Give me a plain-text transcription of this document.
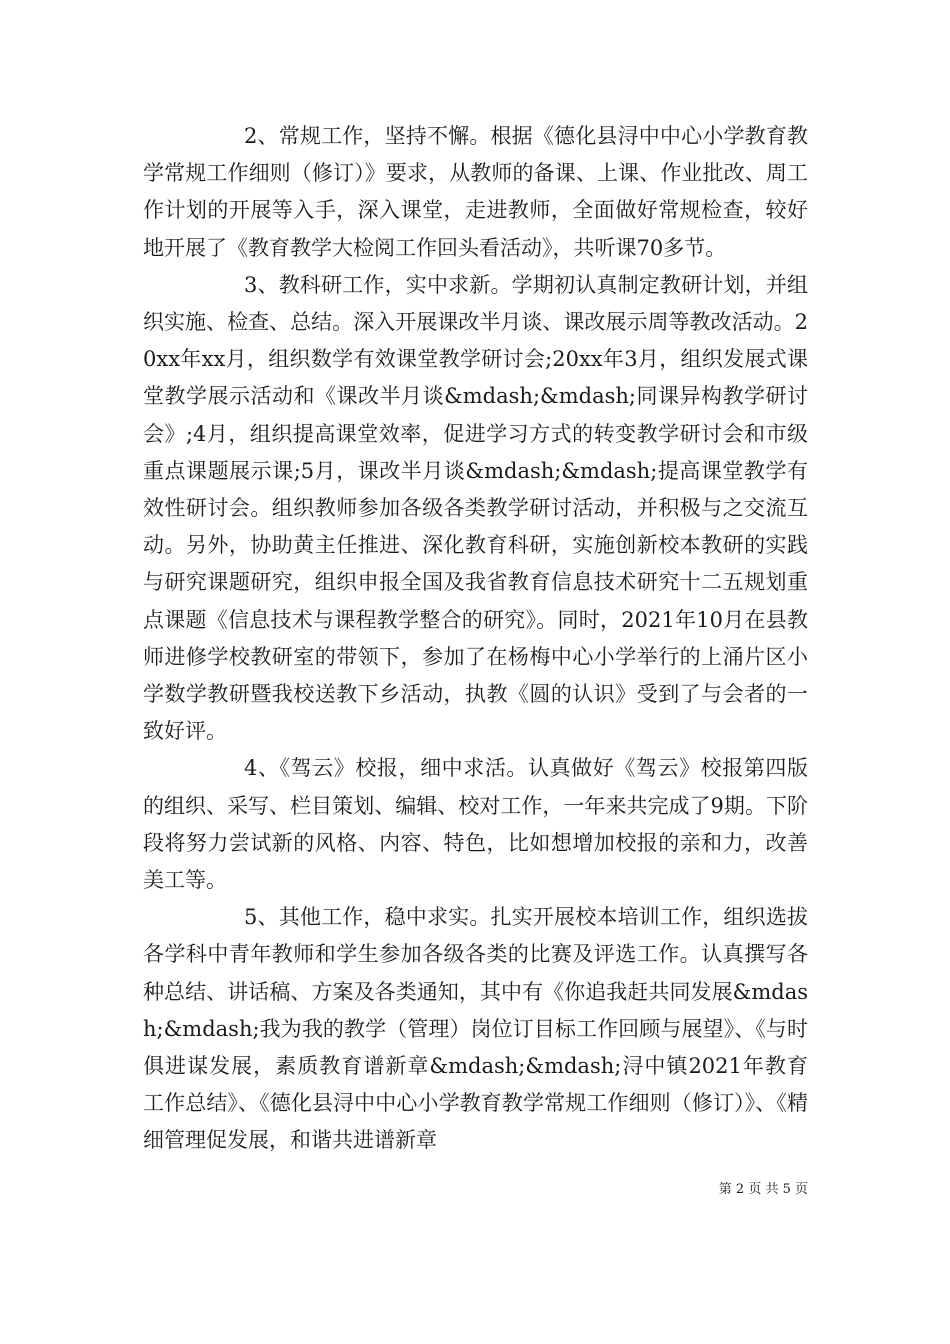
2、常规工作，坚持不懈。根据《德化县浔中中心小学教育教学常规工作细则（修订）》要求，从教师的备课、上课、作业批改、周工作计划的开展等入手，深入课堂，走进教师，全面做好常规检查，较好地开展了《教育教学大检阅工作回头看活动》，共听课70多节。

3、教科研工作，实中求新。学期初认真制定教研计划，并组织实施、检查、总结。深入开展课改半月谈、课改展示周等教改活动。20xx年xx月，组织数学有效课堂教学研讨会;20xx年3月，组织发展式课堂教学展示活动和《课改半月谈&mdash;&mdash;同课异构教学研讨会》;4月，组织提高课堂效率，促进学习方式的转变教学研讨会和市级重点课题展示课;5月，课改半月谈&mdash;&mdash;提高课堂教学有效性研讨会。组织教师参加各级各类教学研讨活动，并积极与之交流互动。另外，协助黄主任推进、深化教育科研，实施创新校本教研的实践与研究课题研究，组织申报全国及我省教育信息技术研究十二五规划重点课题《信息技术与课程教学整合的研究》。同时，2021年10月在县教师进修学校教研室的带领下，参加了在杨梅中心小学举行的上涌片区小学数学教研暨我校送教下乡活动，执教《圆的认识》受到了与会者的一致好评。

4、《驾云》校报，细中求活。认真做好《驾云》校报第四版的组织、采写、栏目策划、编辑、校对工作，一年来共完成了9期。下阶段将努力尝试新的风格、内容、特色，比如想增加校报的亲和力，改善美工等。

5、其他工作，稳中求实。扎实开展校本培训工作，组织选拔各学科中青年教师和学生参加各级各类的比赛及评选工作。认真撰写各种总结、讲话稿、方案及各类通知，其中有《你追我赶共同发展&mdash;&mdash;我为我的教学（管理）岗位订目标工作回顾与展望》、《与时俱进谋发展，素质教育谱新章&mdash;&mdash;浔中镇2021年教育工作总结》、《德化县浔中中心小学教育教学常规工作细则（修订）》、《精细管理促发展，和谐共进谱新章

第 2 页 共 5 页
